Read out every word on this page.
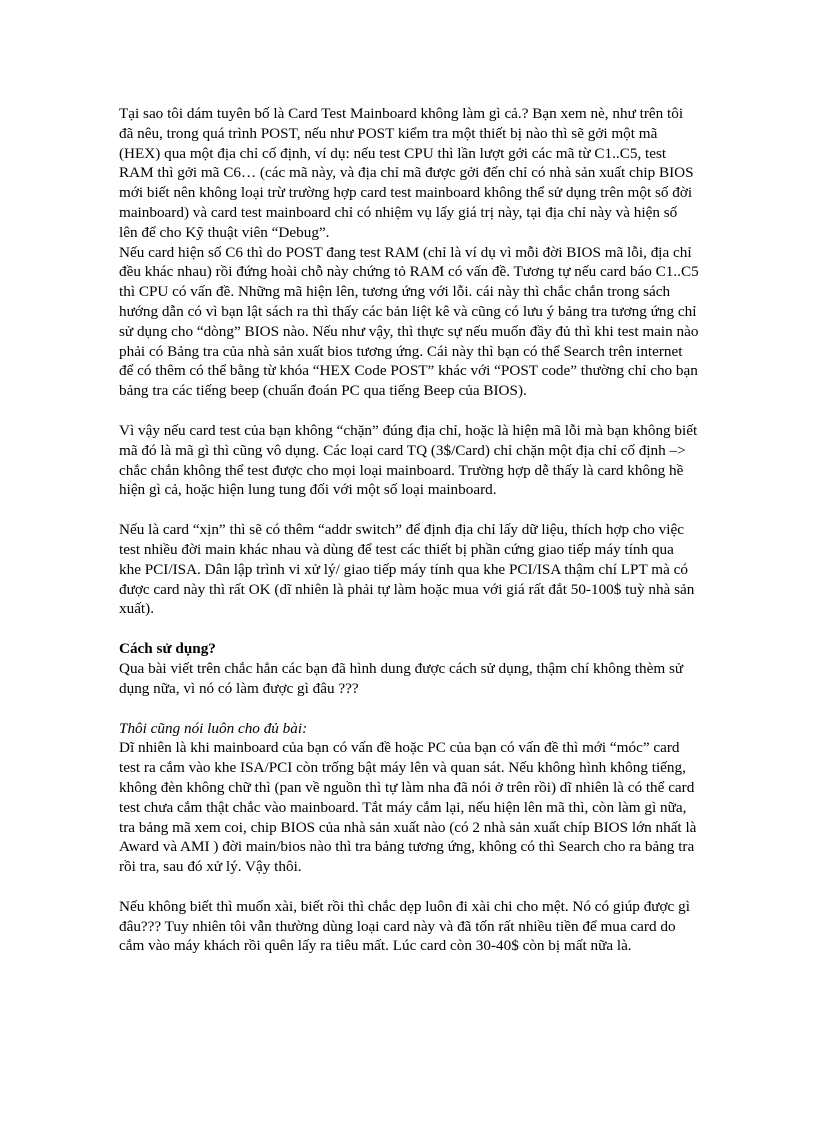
Tại sao tôi dám tuyên bố là Card Test Mainboard không làm gì cả.? Bạn xem nè, như trên tôi đã nêu, trong quá trình POST, nếu như POST kiểm tra một thiết bị nào thì sẽ gởi một mã (HEX) qua một địa chỉ cố định, ví dụ: nếu test CPU thì lần lượt gởi các mã từ C1..C5, test RAM thì gởi mã C6… (các mã này, và địa chỉ mã được gởi đến chỉ có nhà sản xuất chip BIOS mới biết nên không loại trừ trường hợp card test mainboard không thể sử dụng trên một số đời mainboard) và card test mainboard chỉ có nhiệm vụ lấy giá trị này, tại địa chỉ này và hiện số lên để cho Kỹ thuật viên “Debug”.

Nếu card hiện số C6 thì do POST đang test RAM (chỉ là ví dụ vì mỗi đời BIOS mã lỗi, địa chỉ đều khác nhau) rồi đứng hoài chỗ này chứng tỏ RAM có vấn đề. Tương tự nếu card báo C1..C5 thì CPU có vấn đề. Những mã hiện lên, tương ứng với lỗi. cái này thì chắc chắn trong sách hướng dẫn có vì bạn lật sách ra thì thấy các bản liệt kê và cũng có lưu ý bảng tra tương ứng chỉ sử dụng cho “dòng” BIOS nào. Nếu như vậy, thì thực sự nếu muốn đầy đủ thì khi test main nào phải có Bảng tra của nhà sản xuất bios tương ứng. Cái này thì bạn có thể Search trên internet để có thêm có thể bằng từ khóa “HEX Code POST” khác với “POST code” thường chỉ cho bạn bảng tra các tiếng beep (chuẩn đoán PC qua tiếng Beep của BIOS).

Vì vậy nếu card test của bạn không “chặn” đúng địa chỉ, hoặc là hiện mã lỗi mà bạn không biết mã đó là mã gì thì cũng vô dụng. Các loại card TQ (3$/Card) chỉ chặn một địa chỉ cố định –> chắc chắn không thể test được cho mọi loại mainboard. Trường hợp dễ thấy là card không hề hiện gì cả, hoặc hiện lung tung đối với một số loại mainboard.

Nếu là card “xịn” thì sẽ có thêm “addr switch” để định địa chỉ lấy dữ liệu, thích hợp cho việc test nhiều đời main khác nhau và dùng để test các thiết bị phần cứng giao tiếp máy tính qua khe PCI/ISA. Dân lập trình vi xử lý/ giao tiếp máy tính qua khe PCI/ISA thậm chí LPT mà có được card này thì rất OK (dĩ nhiên là phải tự làm hoặc mua với giá rất đắt 50-100$ tuỳ nhà sản xuất).

Cách sử dụng?

Qua bài viết trên chắc hẳn các bạn đã hình dung được cách sử dụng, thậm chí không thèm sử dụng nữa, vì nó có làm được gì đâu ???

Thôi cũng nói luôn cho đủ bài:

Dĩ nhiên là khi mainboard của bạn có vấn đề hoặc PC của bạn có vấn đề thì mới “móc” card test ra cắm vào khe ISA/PCI còn trống bật máy lên và quan sát. Nếu không hình không tiếng, không đèn không chữ thì (pan về nguồn thì tự làm nha đã nói ở trên rồi) dĩ nhiên là có thể card test chưa cắm thật chắc vào mainboard. Tắt máy cắm lại, nếu hiện lên mã thì, còn làm gì nữa, tra bảng mã xem coi, chip BIOS của nhà sản xuất nào (có 2 nhà sản xuất chíp BIOS lớn nhất là Award và AMI ) đời main/bios nào thì tra bảng tương ứng, không có thì Search cho ra bảng tra rồi tra, sau đó xử lý. Vậy thôi.

Nếu không biết thì muốn xài, biết rồi thì chắc dẹp luôn đi xài chi cho mệt. Nó có giúp được gì đâu??? Tuy nhiên tôi vẫn thường dùng loại card này và đã tốn rất nhiều tiền để mua card do cắm vào máy khách rồi quên lấy ra tiêu mất. Lúc card còn 30-40$ còn bị mất nữa là.
